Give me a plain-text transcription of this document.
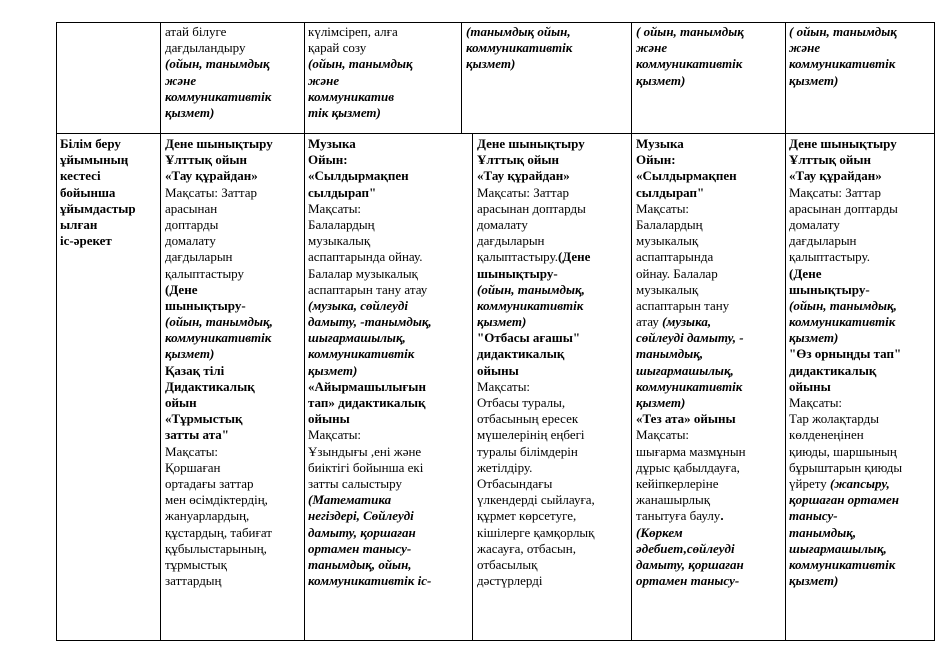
атай білуге
дағдыландыру
(ойын, танымдық
және
коммуникативтік
қызмет)
күлімсіреп, алға
қарай созу
(ойын, танымдық
және
коммуникатив
тік қызмет)
(танымдық ойын,
коммуникативтік
қызмет)
( ойын, танымдық
және
коммуникативтік
қызмет)
( ойын, танымдық
және
коммуникативтік
қызмет)
Білім беру
ұйымының
кестесі
бойынша
ұйымдастыр
ылған
іс-әрекет
Дене шынықтыру
Ұлттық ойын
«Тау құрайдан»
Мақсаты: Заттар
арасынан
доптарды
домалату
дағдыларын
қалыптастыру
(Дене
шынықтыру-
(ойын, танымдық,
коммуникативтік
қызмет)
Қазақ тілі
Дидактикалық
ойын
«Тұрмыстық
затты ата"
Мақсаты:
Қоршаған
ортадағы заттар
мен өсімдіктердің,
жануарлардың,
құстардың, табиғат
құбылыстарының,
тұрмыстық
заттардың
Музыка
Ойын:
«Сылдырмақпен
сылдырап"
Мақсаты:
Балалардың
музыкалық
аспаптарында ойнау.
Балалар музыкалық
аспаптарын тану атау
(музыка, сөйлеуді
дамыту, -танымдық,
шығармашылық,
коммуникативтік
қызмет)
«Айырмашылығын
тап» дидактикалық
ойыны
Мақсаты:
Ұзындығы ,ені және
биіктігі бойынша екі
затты салыстыру
(Математика
негіздері, Сөйлеуді
дамыту, қоршаған
ортамен танысу-
танымдық, ойын,
коммуникативтік іс-
Дене шынықтыру
Ұлттық ойын
«Тау құрайдан»
Мақсаты: Заттар
арасынан доптарды
домалату
дағдыларын
қалыптастыру.(Дене
шынықтыру-
(ойын, танымдық,
коммуникативтік
қызмет)
"Отбасы ағашы"
дидактикалық
ойыны
Мақсаты:
Отбасы туралы,
отбасының ересек
мүшелерінің еңбегі
туралы білімдерін
жетілдіру.
Отбасындағы
үлкендерді сыйлауға,
құрмет көрсетуге,
кішілерге қамқорлық
жасауға, отбасын,
отбасылық
дәстүрлерді
Музыка
Ойын:
«Сылдырмақпен
сылдырап"
Мақсаты:
Балалардың
музыкалық
аспаптарында
ойнау. Балалар
музыкалық
аспаптарын тану
атау (музыка,
сөйлеуді дамыту, -
танымдық,
шығармашылық,
коммуникативтік
қызмет)
«Тез ата» ойыны
Мақсаты:
шығарма мазмұнын
дұрыс қабылдауға,
кейіпкерлеріне
жанашырлық
танытуға баулу.
(Көркем
әдебиет,сөйлеуді
дамыту, қоршаған
ортамен танысу-
Дене шынықтыру
Ұлттық ойын
«Тау құрайдан»
Мақсаты: Заттар
арасынан доптарды
домалату
дағдыларын
қалыптастыру.
(Дене
шынықтыру-
(ойын, танымдық,
коммуникативтік
қызмет)
"Өз орныңды тап"
дидактикалық
ойыны
Мақсаты:
Тар жолақтарды
көлденеңінен
қиюды, шаршының
бұрыштарын қиюды
үйрету (жапсыру,
қоршаған ортамен
танысу-
танымдық,
шығармашылық,
коммуникативтік
қызмет)
